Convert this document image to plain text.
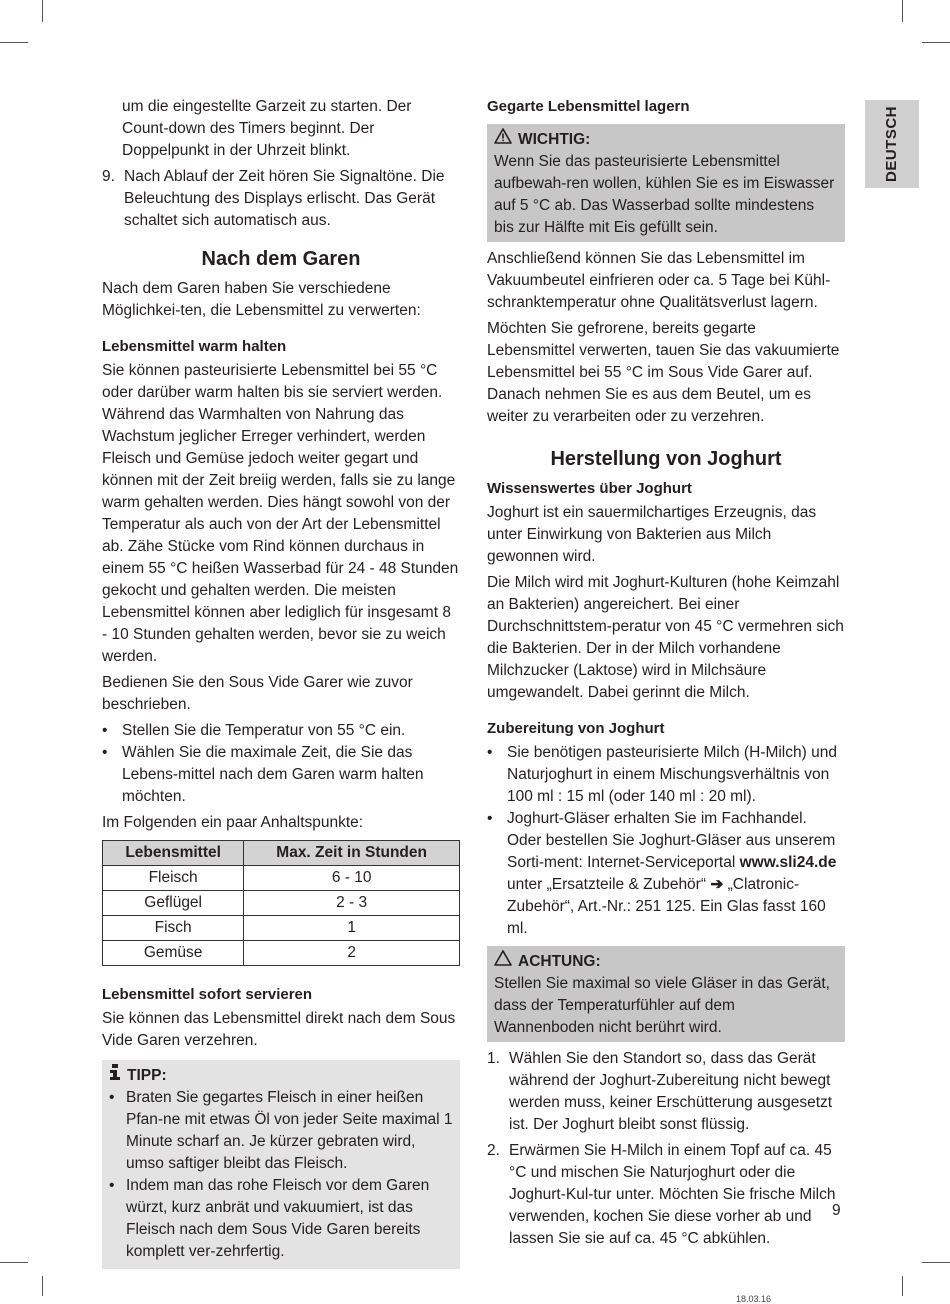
DEUTSCH

um die eingestellte Garzeit zu starten. Der Count-down des Timers beginnt. Der Doppelpunkt in der Uhrzeit blinkt.

9. Nach Ablauf der Zeit hören Sie Signaltöne. Die Beleuchtung des Displays erlischt. Das Gerät schaltet sich automatisch aus.
Nach dem Garen

Nach dem Garen haben Sie verschiedene Möglichkei-ten, die Lebensmittel zu verwerten:

Lebensmittel warm halten

Sie können pasteurisierte Lebensmittel bei 55 °C oder darüber warm halten bis sie serviert werden. Während das Warmhalten von Nahrung das Wachstum jeglicher Erreger verhindert, werden Fleisch und Gemüse jedoch weiter gegart und können mit der Zeit breiig werden, falls sie zu lange warm gehalten werden. Dies hängt sowohl von der Temperatur als auch von der Art der Lebensmittel ab. Zähe Stücke vom Rind können durchaus in einem 55 °C heißen Wasserbad für 24 - 48 Stunden gekocht und gehalten werden. Die meisten Lebensmittel können aber lediglich für insgesamt 8 - 10 Stunden gehalten werden, bevor sie zu weich werden.

Bedienen Sie den Sous Vide Garer wie zuvor beschrieben.

• Stellen Sie die Temperatur von 55 °C ein.
• Wählen Sie die maximale Zeit, die Sie das Lebens-mittel nach dem Garen warm halten möchten.

Im Folgenden ein paar Anhaltspunkte:

Lebensmittel	Max. Zeit in Stunden
Fleisch	6 - 10
Geflügel	2 - 3
Fisch	1
Gemüse	2
Lebensmittel sofort servieren

Sie können das Lebensmittel direkt nach dem Sous Vide Garen verzehren.

TIPP:
• Braten Sie gegartes Fleisch in einer heißen Pfan-ne mit etwas Öl von jeder Seite maximal 1 Minute scharf an. Je kürzer gebraten wird, umso saftiger bleibt das Fleisch.
• Indem man das rohe Fleisch vor dem Garen würzt, kurz anbrät und vakuumiert, ist das Fleisch nach dem Sous Vide Garen bereits komplett ver-zehrfertig.
Gegarte Lebensmittel lagern
WICHTIG:
Wenn Sie das pasteurisierte Lebensmittel aufbewah-ren wollen, kühlen Sie es im Eiswasser auf 5 °C ab. Das Wasserbad sollte mindestens bis zur Hälfte mit Eis gefüllt sein.

Anschließend können Sie das Lebensmittel im Vakuumbeutel einfrieren oder ca. 5 Tage bei Kühl-schranktemperatur ohne Qualitätsverlust lagern.

Möchten Sie gefrorene, bereits gegarte Lebensmittel verwerten, tauen Sie das vakuumierte Lebensmittel bei 55 °C im Sous Vide Garer auf. Danach nehmen Sie es aus dem Beutel, um es weiter zu verarbeiten oder zu verzehren.

Herstellung von Joghurt
Wissenswertes über Joghurt

Joghurt ist ein sauermilchartiges Erzeugnis, das unter Einwirkung von Bakterien aus Milch gewonnen wird.

Die Milch wird mit Joghurt-Kulturen (hohe Keimzahl an Bakterien) angereichert. Bei einer Durchschnittstem-peratur von 45 °C vermehren sich die Bakterien. Der in der Milch vorhandene Milchzucker (Laktose) wird in Milchsäure umgewandelt. Dabei gerinnt die Milch.

Zubereitung von Joghurt
• Sie benötigen pasteurisierte Milch (H-Milch) und Naturjoghurt in einem Mischungsverhältnis von 100 ml : 15 ml (oder 140 ml : 20 ml).
• Joghurt-Gläser erhalten Sie im Fachhandel. Oder bestellen Sie Joghurt-Gläser aus unserem Sorti-ment: Internet-Serviceportal www.sli24.de unter „Ersatzteile & Zubehör“ ➔ „Clatronic-Zubehör“, Art.-Nr.: 251 125. Ein Glas fasst 160 ml.
ACHTUNG:
Stellen Sie maximal so viele Gläser in das Gerät, dass der Temperaturfühler auf dem Wannenboden nicht berührt wird.
1. Wählen Sie den Standort so, dass das Gerät während der Joghurt-Zubereitung nicht bewegt werden muss, keiner Erschütterung ausgesetzt ist. Der Joghurt bleibt sonst flüssig.
2. Erwärmen Sie H-Milch in einem Topf auf ca. 45 °C und mischen Sie Naturjoghurt oder die Joghurt-Kul-tur unter. Möchten Sie frische Milch verwenden, kochen Sie diese vorher ab und lassen Sie sie auf ca. 45 °C abkühlen.
9
18.03.16
